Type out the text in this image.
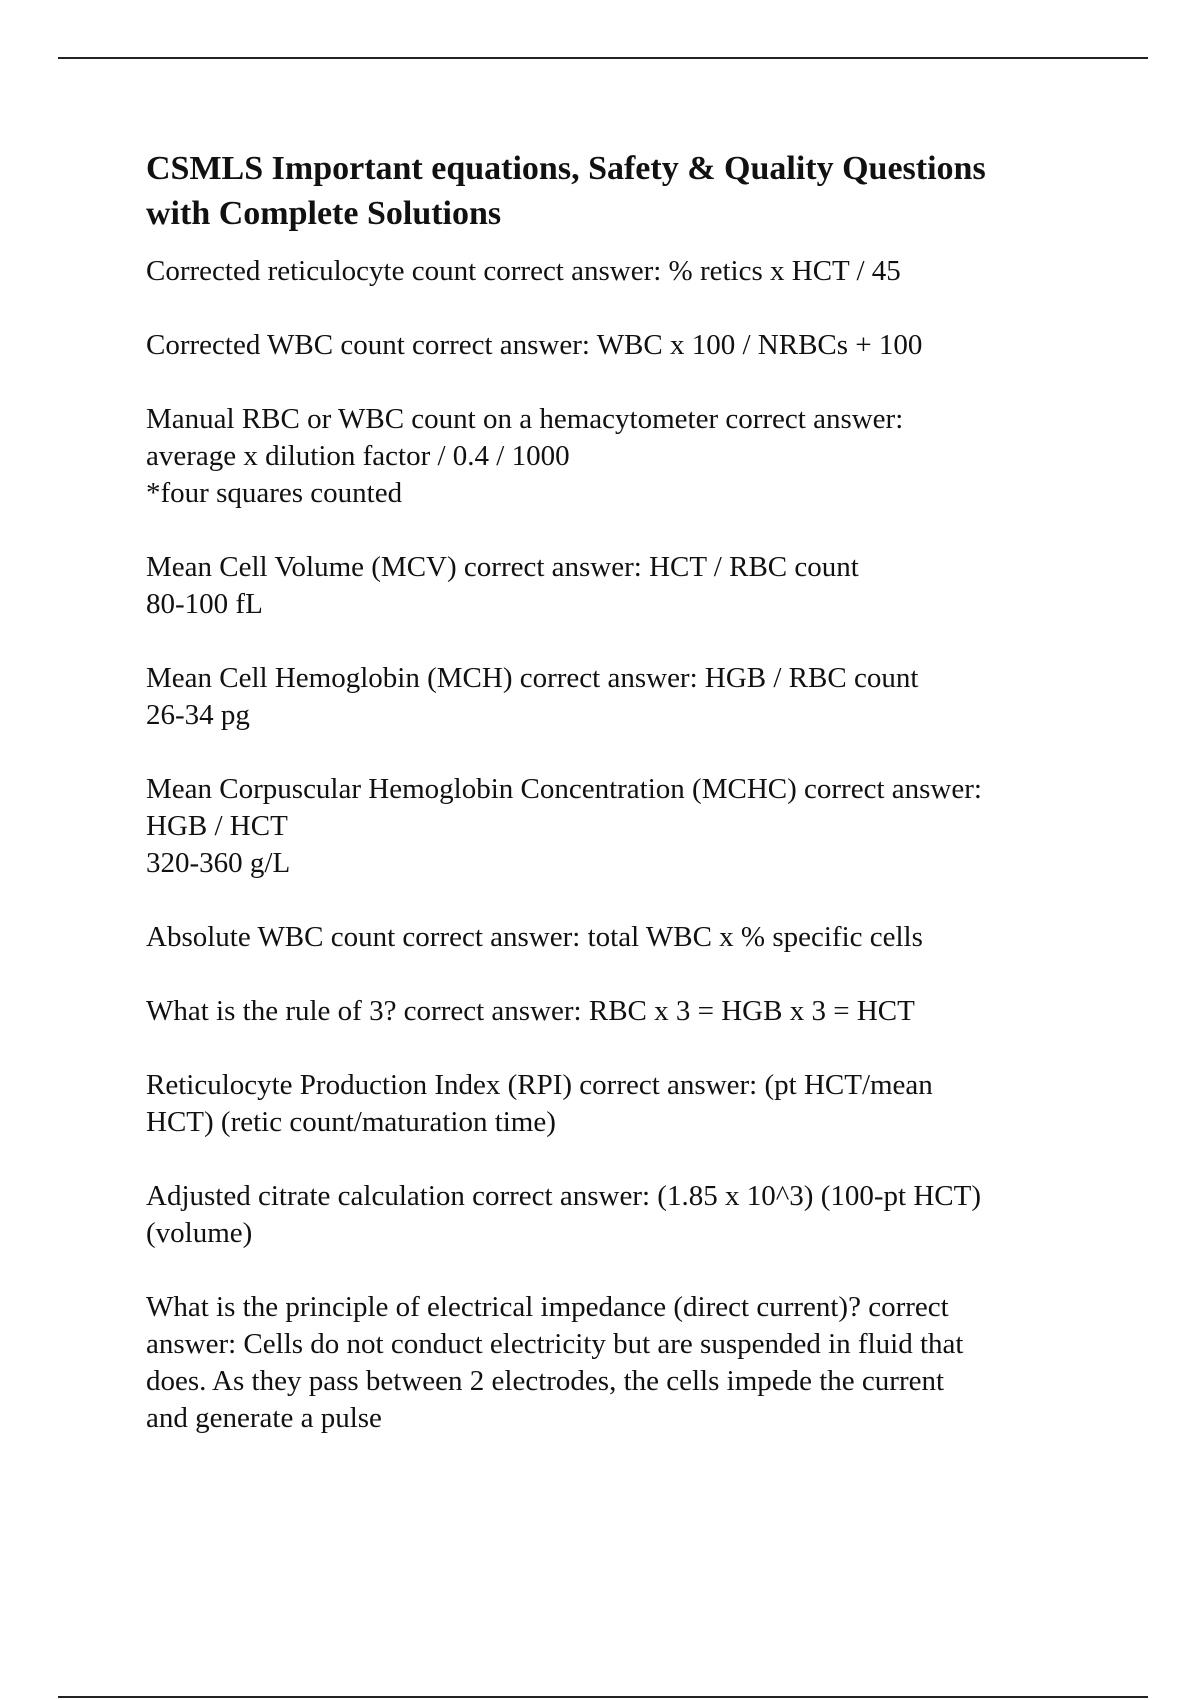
CSMLS Important equations, Safety & Quality Questions
with Complete Solutions

Corrected reticulocyte count correct answer: % retics x HCT / 45

Corrected WBC count correct answer: WBC x 100 / NRBCs + 100

Manual RBC or WBC count on a hemacytometer correct answer:
average x dilution factor / 0.4 / 1000
*four squares counted

Mean Cell Volume (MCV) correct answer: HCT / RBC count
80-100 fL

Mean Cell Hemoglobin (MCH) correct answer: HGB / RBC count
26-34 pg

Mean Corpuscular Hemoglobin Concentration (MCHC) correct answer:
HGB / HCT
320-360 g/L

Absolute WBC count correct answer: total WBC x % specific cells

What is the rule of 3? correct answer: RBC x 3 = HGB x 3 = HCT

Reticulocyte Production Index (RPI) correct answer: (pt HCT/mean
HCT) (retic count/maturation time)

Adjusted citrate calculation correct answer: (1.85 x 10^3) (100-pt HCT)
(volume)

What is the principle of electrical impedance (direct current)? correct
answer: Cells do not conduct electricity but are suspended in fluid that
does. As they pass between 2 electrodes, the cells impede the current
and generate a pulse
